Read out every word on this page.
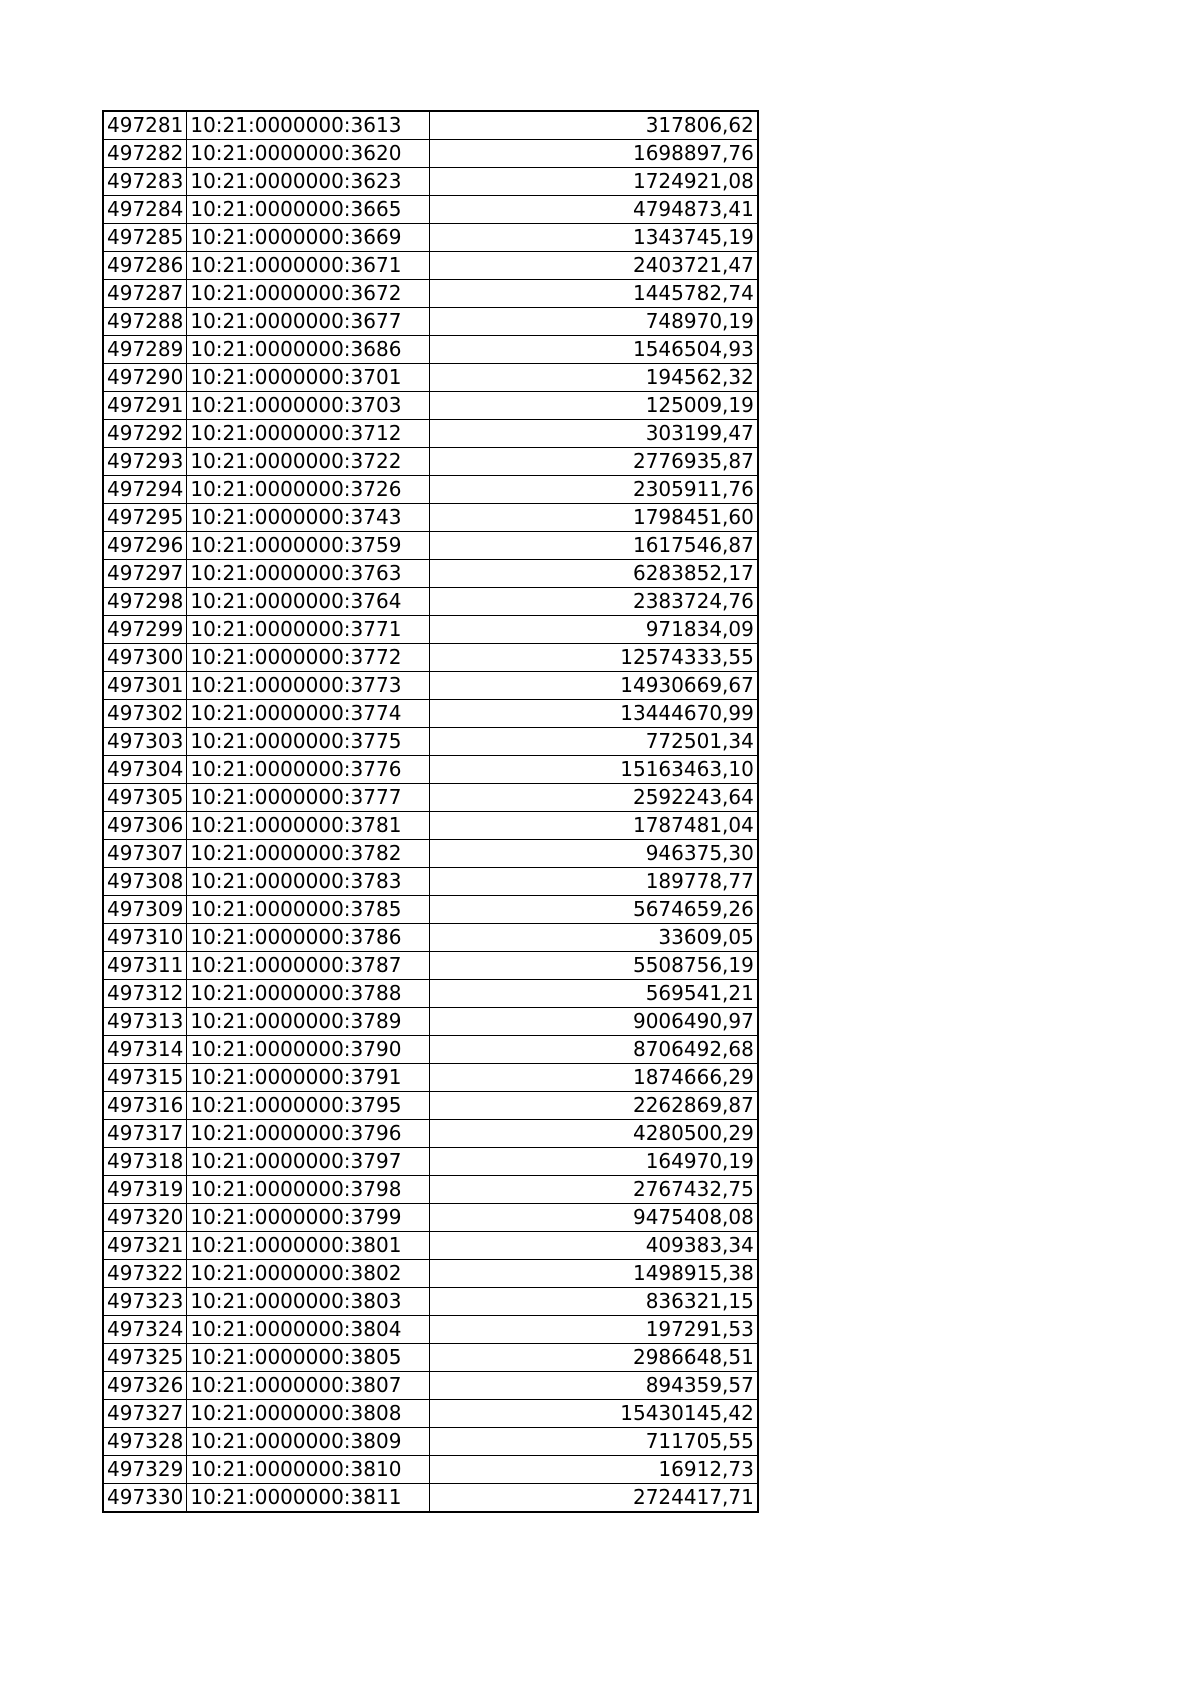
497281	10:21:0000000:3613	317806,62
497282	10:21:0000000:3620	1698897,76
497283	10:21:0000000:3623	1724921,08
497284	10:21:0000000:3665	4794873,41
497285	10:21:0000000:3669	1343745,19
497286	10:21:0000000:3671	2403721,47
497287	10:21:0000000:3672	1445782,74
497288	10:21:0000000:3677	748970,19
497289	10:21:0000000:3686	1546504,93
497290	10:21:0000000:3701	194562,32
497291	10:21:0000000:3703	125009,19
497292	10:21:0000000:3712	303199,47
497293	10:21:0000000:3722	2776935,87
497294	10:21:0000000:3726	2305911,76
497295	10:21:0000000:3743	1798451,60
497296	10:21:0000000:3759	1617546,87
497297	10:21:0000000:3763	6283852,17
497298	10:21:0000000:3764	2383724,76
497299	10:21:0000000:3771	971834,09
497300	10:21:0000000:3772	12574333,55
497301	10:21:0000000:3773	14930669,67
497302	10:21:0000000:3774	13444670,99
497303	10:21:0000000:3775	772501,34
497304	10:21:0000000:3776	15163463,10
497305	10:21:0000000:3777	2592243,64
497306	10:21:0000000:3781	1787481,04
497307	10:21:0000000:3782	946375,30
497308	10:21:0000000:3783	189778,77
497309	10:21:0000000:3785	5674659,26
497310	10:21:0000000:3786	33609,05
497311	10:21:0000000:3787	5508756,19
497312	10:21:0000000:3788	569541,21
497313	10:21:0000000:3789	9006490,97
497314	10:21:0000000:3790	8706492,68
497315	10:21:0000000:3791	1874666,29
497316	10:21:0000000:3795	2262869,87
497317	10:21:0000000:3796	4280500,29
497318	10:21:0000000:3797	164970,19
497319	10:21:0000000:3798	2767432,75
497320	10:21:0000000:3799	9475408,08
497321	10:21:0000000:3801	409383,34
497322	10:21:0000000:3802	1498915,38
497323	10:21:0000000:3803	836321,15
497324	10:21:0000000:3804	197291,53
497325	10:21:0000000:3805	2986648,51
497326	10:21:0000000:3807	894359,57
497327	10:21:0000000:3808	15430145,42
497328	10:21:0000000:3809	711705,55
497329	10:21:0000000:3810	16912,73
497330	10:21:0000000:3811	2724417,71
